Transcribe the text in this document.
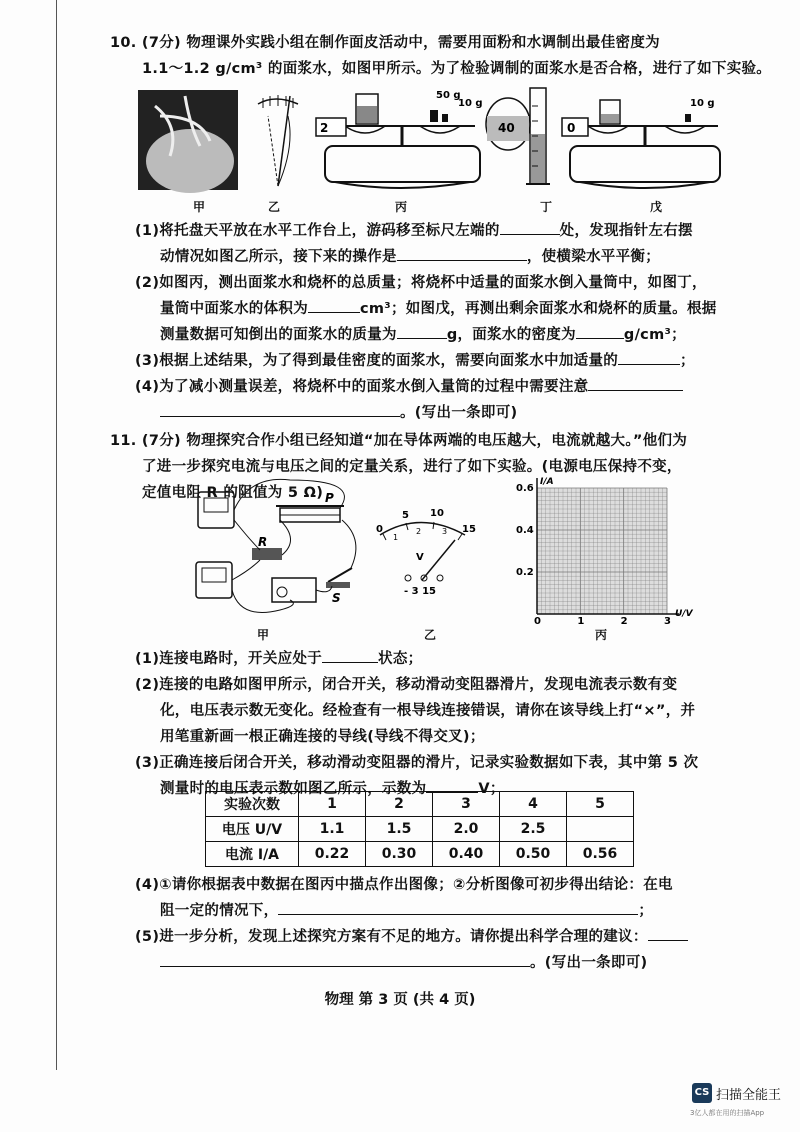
10. (7分) 物理课外实践小组在制作面皮活动中，需要用面粉和水调制出最佳密度为
1.1～1.2 g/cm³ 的面浆水，如图甲所示。为了检验调制的面浆水是否合格，进行了如下实验。
2
50 g
10 g
40	0
10 g
甲	乙	丙	丁	戊
(1)将托盘天平放在水平工作台上，游码移至标尺左端的	处，发现指针左右摆
动情况如图乙所示，接下来的操作是	，使横梁水平平衡；
(2)如图丙，测出面浆水和烧杯的总质量；将烧杯中适量的面浆水倒入量筒中，如图丁，
量筒中面浆水的体积为	cm³；如图戊，再测出剩余面浆水和烧杯的质量。根据
测量数据可知倒出的面浆水的质量为	g，面浆水的密度为	g/cm³；
(3)根据上述结果，为了得到最佳密度的面浆水，需要向面浆水中加适量的	；
(4)为了减小测量误差，将烧杯中的面浆水倒入量筒的过程中需要注意
。(写出一条即可)
11. (7分) 物理探究合作小组已经知道“加在导体两端的电压越大，电流就越大。”他们为
了进一步探究电流与电压之间的定量关系，进行了如下实验。(电源电压保持不变，
定值电阻 R 的阻值为 5 Ω) P
R
S
0
5 10
15
1
2	3
V
- 3 15
U/V
I/A
0	1	2	3
0.2
0.4
0.6
甲	乙	丙
(1)连接电路时，开关应处于	状态；
(2)连接的电路如图甲所示，闭合开关，移动滑动变阻器滑片，发现电流表示数有变
化，电压表示数无变化。经检查有一根导线连接错误，请你在该导线上打“×”，并
用笔重新画一根正确连接的导线(导线不得交叉)；
(3)正确连接后闭合开关，移动滑动变阻器的滑片，记录实验数据如下表，其中第 5 次
测量时的电压表示数如图乙所示，示数为	V；
实验次数	1	2	3	4	5
电压 U/V	1.1	1.5	2.0	2.5	
电流 I/A	0.22	0.30	0.40	0.50	0.56
(4)①请你根据表中数据在图丙中描点作出图像；②分析图像可初步得出结论：在电
阻一定的情况下，	；
(5)进一步分析，发现上述探究方案有不足的地方。请你提出科学合理的建议：
。(写出一条即可)
物理 第 3 页 (共 4 页)
CS 扫描全能王
3亿人都在用的扫描App
